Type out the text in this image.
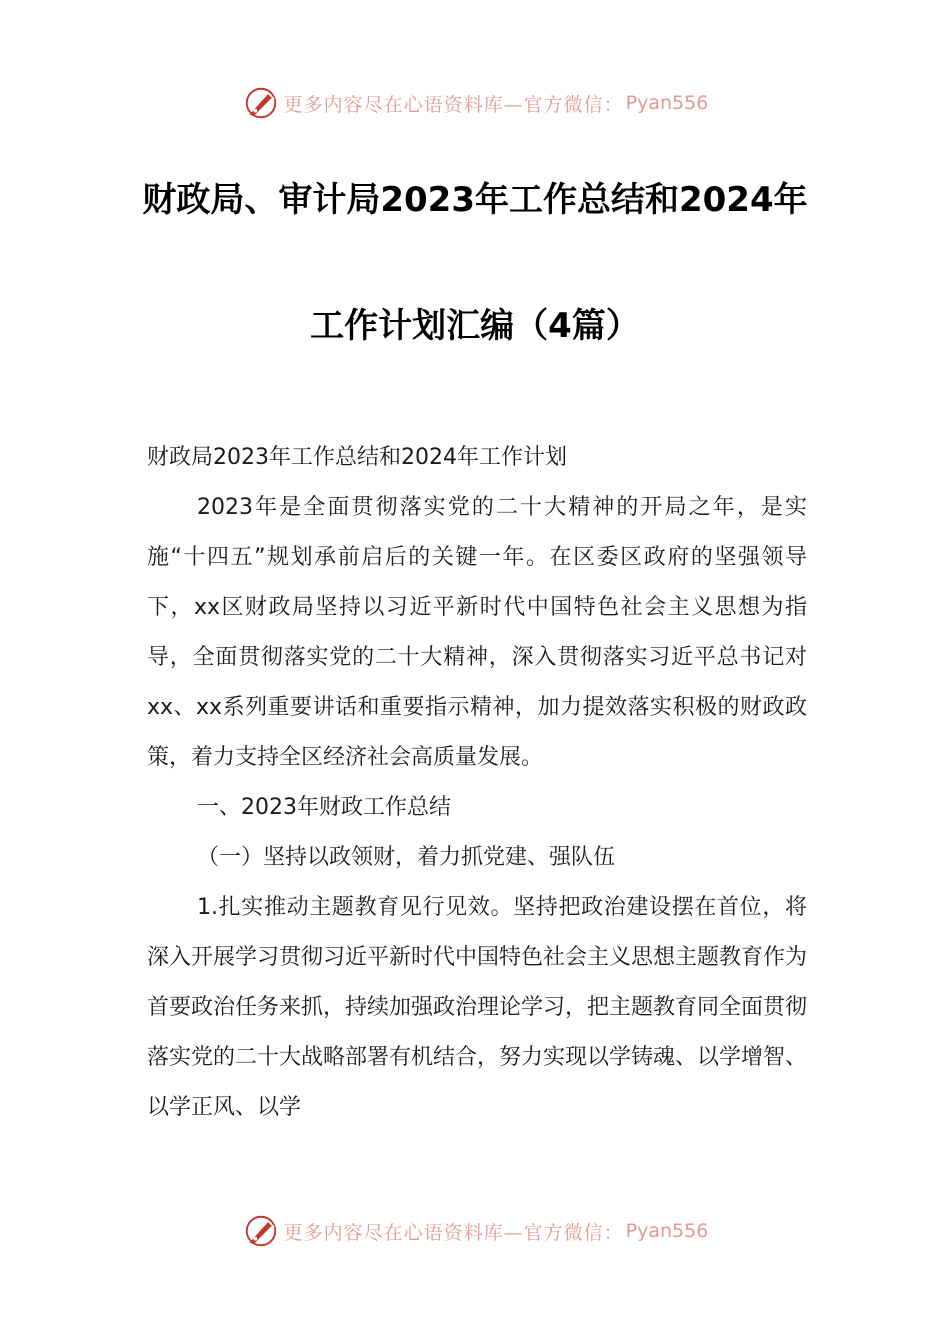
更多内容尽在心语资料库—官方微信： Pyan556
财政局、审计局2023年工作总结和2024年
工作计划汇编（4篇）

财政局2023年工作总结和2024年工作计划

2023年是全面贯彻落实党的二十大精神的开局之年，是实施“十四五”规划承前启后的关键一年。在区委区政府的坚强领导下，xx区财政局坚持以习近平新时代中国特色社会主义思想为指导，全面贯彻落实党的二十大精神，深入贯彻落实习近平总书记对xx、xx系列重要讲话和重要指示精神，加力提效落实积极的财政政策，着力支持全区经济社会高质量发展。

一、2023年财政工作总结

（一）坚持以政领财，着力抓党建、强队伍

1.扎实推动主题教育见行见效。坚持把政治建设摆在首位，将深入开展学习贯彻习近平新时代中国特色社会主义思想主题教育作为首要政治任务来抓，持续加强政治理论学习，把主题教育同全面贯彻落实党的二十大战略部署有机结合，努力实现以学铸魂、以学增智、以学正风、以学

更多内容尽在心语资料库—官方微信： Pyan556
